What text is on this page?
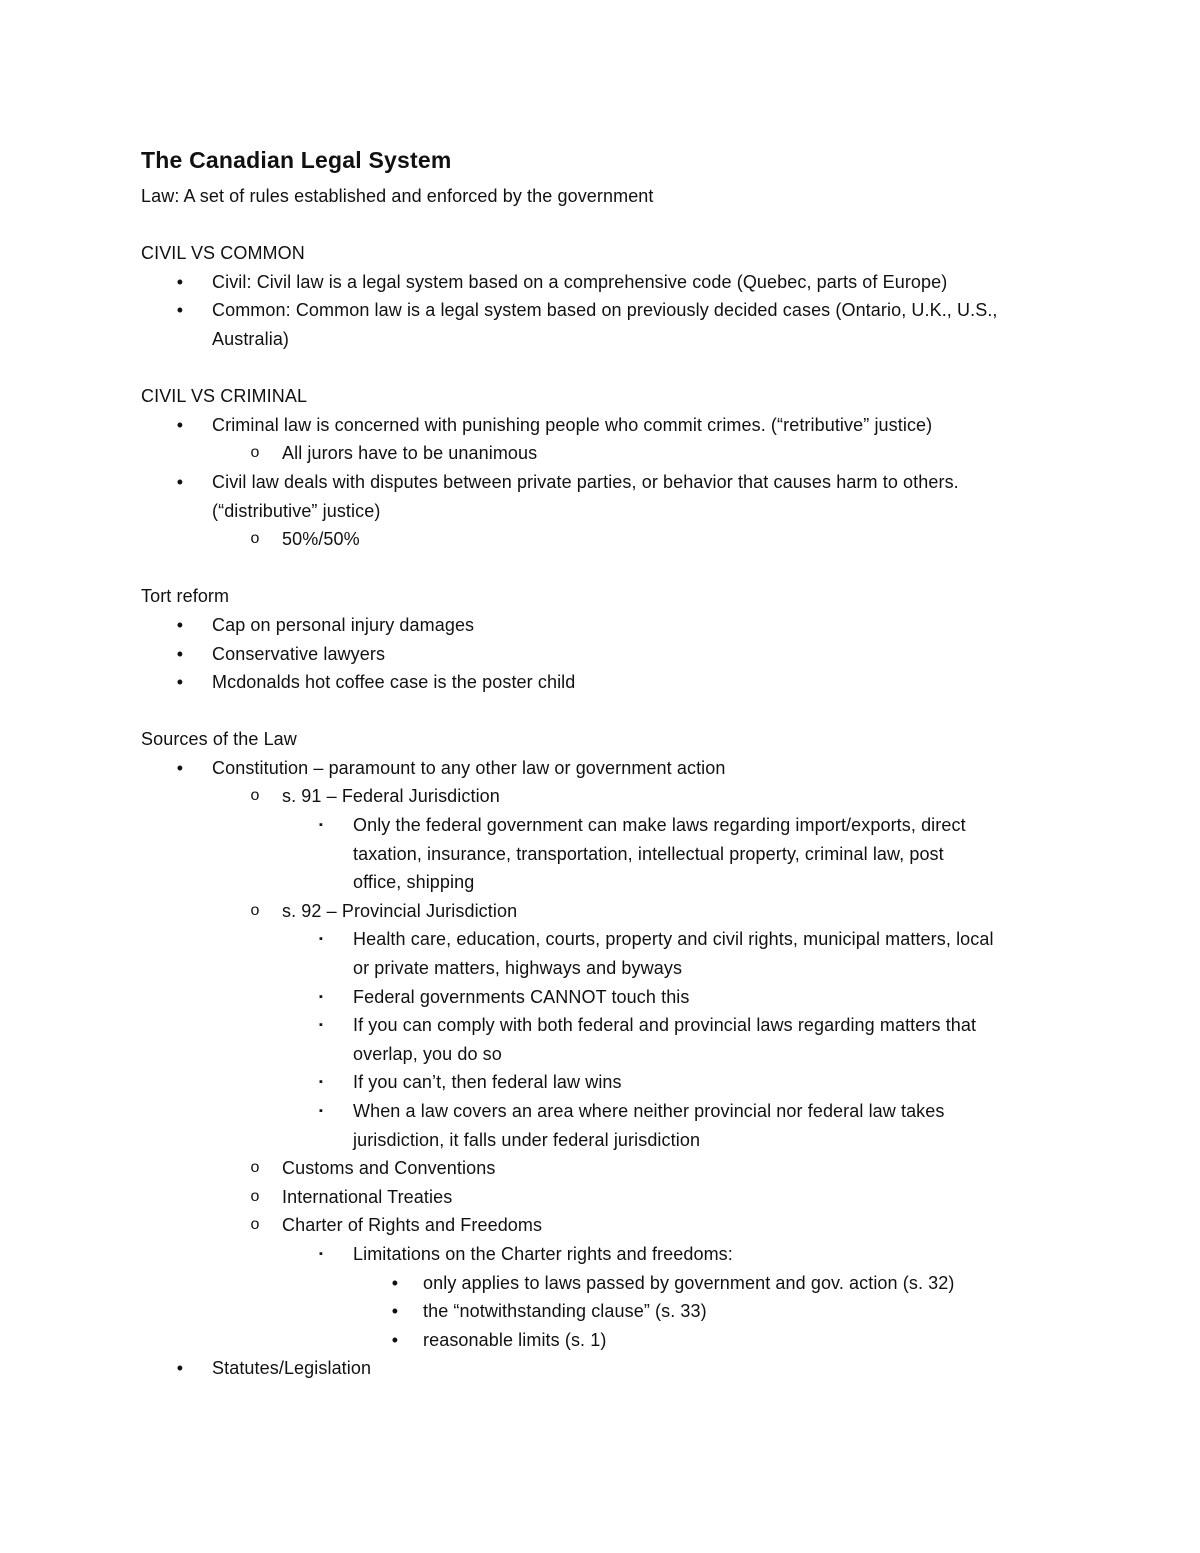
The Canadian Legal System
Law: A set of rules established and enforced by the government
CIVIL VS COMMON
•	Civil: Civil law is a legal system based on a comprehensive code (Quebec, parts of Europe)
•	Common: Common law is a legal system based on previously decided cases (Ontario, U.K., U.S.,
Australia)
CIVIL VS CRIMINAL
•	Criminal law is concerned with punishing people who commit crimes. (“retributive” justice)
o	All jurors have to be unanimous
•	Civil law deals with disputes between private parties, or behavior that causes harm to others.
(“distributive” justice)
o	50%/50%
Tort reform
•	Cap on personal injury damages
•	Conservative lawyers
•	Mcdonalds hot coffee case is the poster child
Sources of the Law
•	Constitution – paramount to any other law or government action
o	s. 91 – Federal Jurisdiction
▪	Only the federal government can make laws regarding import/exports, direct
taxation, insurance, transportation, intellectual property, criminal law, post
office, shipping
o	s. 92 – Provincial Jurisdiction
▪	Health care, education, courts, property and civil rights, municipal matters, local
or private matters, highways and byways
▪	Federal governments CANNOT touch this
▪	If you can comply with both federal and provincial laws regarding matters that
overlap, you do so
▪	If you can’t, then federal law wins
▪	When a law covers an area where neither provincial nor federal law takes
jurisdiction, it falls under federal jurisdiction
o	Customs and Conventions
o	International Treaties
o	Charter of Rights and Freedoms
▪	Limitations on the Charter rights and freedoms:
•	only applies to laws passed by government and gov. action (s. 32)
•	the “notwithstanding clause” (s. 33)
•	reasonable limits (s. 1)
•	Statutes/Legislation
